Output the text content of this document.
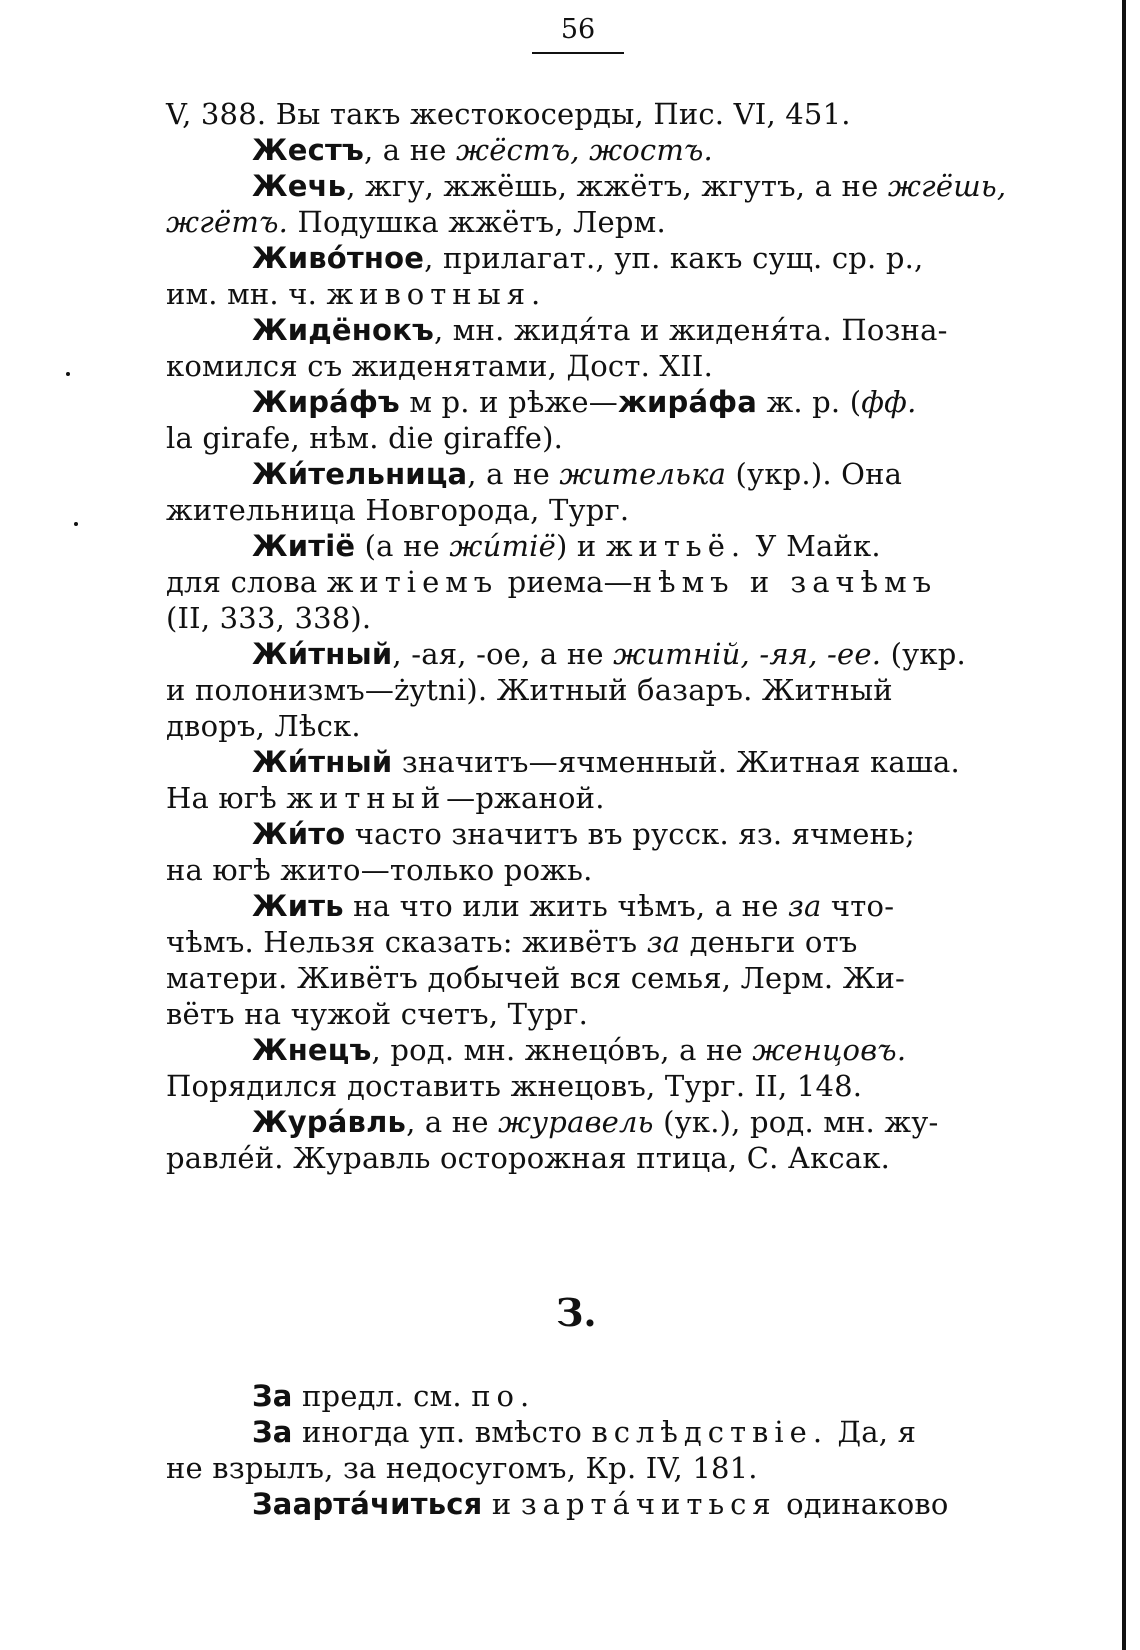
56
V, 388. Вы такъ жестокосерды, Пис. VI, 451.
Жестъ, а не жёстъ, жостъ.
Жечь, жгу, жжёшь, жжётъ, жгутъ, а не жгёшь,
жгётъ. Подушка жжётъ, Лерм.
Живо́тное, прилагат., уп. какъ сущ. ср. р.,
им. мн. ч. животныя.
Жидёнокъ, мн. жидя́та и жиденя́та. Позна-
комился съ жиденятами, Дост. XII.
Жира́фъ м р. и рѣже—жира́фа ж. р. (фф.
la girafe, нѣм. die giraffe).
Жи́тельница, а не жителька (укр.). Она
жительница Новгорода, Тург.
Житіё (а не жи́тіё) и житьё. У Майк.
для слова житіемъ риема—нѣмъ и зачѣмъ
(II, 333, 338).
Жи́тный, -ая, -ое, а не житній, -яя, -ее. (укр.
и полонизмъ—żytni). Житный базаръ. Житный
дворъ, Лѣск.
Жи́тный значитъ—ячменный. Житная каша.
На югѣ житный—ржаной.
Жи́то часто значитъ въ русск. яз. ячмень;
на югѣ жито—только рожь.
Жить на что или жить чѣмъ, а не за что-
чѣмъ. Нельзя сказать: живётъ за деньги отъ
матери. Живётъ добычей вся семья, Лерм. Жи-
вётъ на чужой счетъ, Тург.
Жнецъ, род. мн. жнецо́въ, а не женцовъ.
Порядился доставить жнецовъ, Тург. II, 148.
Жура́вль, а не журавель (ук.), род. мн. жу-
равлéй. Журавль осторожная птица, С. Аксак.
З.
За предл. см. по.
За иногда уп. вмѣсто вслѣдствіе. Да, я
не взрылъ, за недосугомъ, Кр. IV, 181.
Заарта́читься и зарта́читься одинаково
